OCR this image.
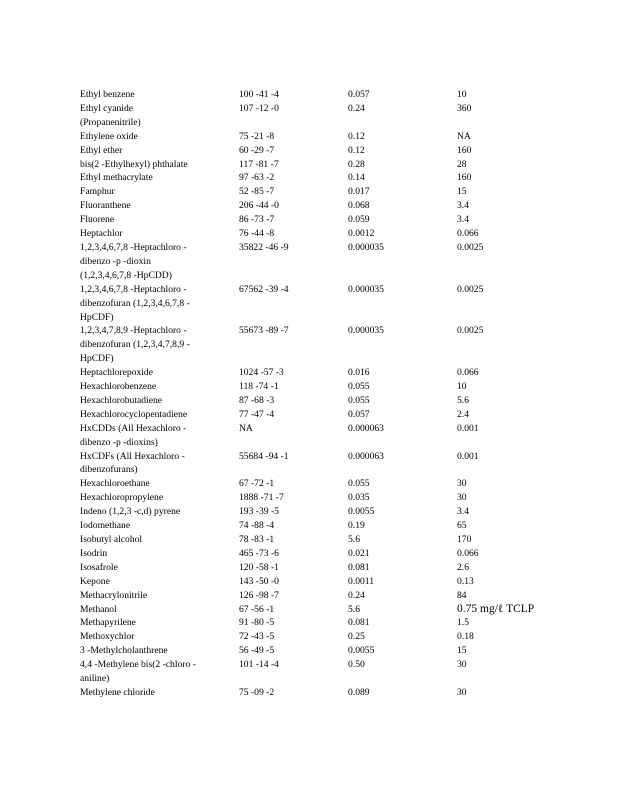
Ethyl benzene	100 -41 -4	0.057	10
Ethyl cyanide
(Propanenitrile)	107 -12 -0	0.24	360
Ethylene oxide	75 -21 -8	0.12	NA
Ethyl ether	60 -29 -7	0.12	160
bis(2 -Ethylhexyl) phthalate	117 -81 -7	0.28	28
Ethyl methacrylate	97 -63 -2	0.14	160
Famphur	52 -85 -7	0.017	15
Fluoranthene	206 -44 -0	0.068	3.4
Fluorene	86 -73 -7	0.059	3.4
Heptachlor	76 -44 -8	0.0012	0.066
1,2,3,4,6,7,8 -Heptachloro -
dibenzo -p -dioxin
(1,2,3,4,6,7,8 -HpCDD)	35822 -46 -9	0.000035	0.0025
1,2,3,4,6,7,8 -Heptachloro -
dibenzofuran (1,2,3,4,6,7,8 -
HpCDF)	67562 -39 -4	0.000035	0.0025
1,2,3,4,7,8,9 -Heptachloro -
dibenzofuran (1,2,3,4,7,8,9 -
HpCDF)	55673 -89 -7	0.000035	0.0025
Heptachlorepoxide	1024 -57 -3	0.016	0.066
Hexachlorobenzene	118 -74 -1	0.055	10
Hexachlorobutadiene	87 -68 -3	0.055	5.6
Hexachlorocyclopentadiene	77 -47 -4	0.057	2.4
HxCDDs (All Hexachloro -
dibenzo -p -dioxins)	NA	0.000063	0.001
HxCDFs (All Hexachloro -
dibenzofurans)	55684 -94 -1	0.000063	0.001
Hexachloroethane	67 -72 -1	0.055	30
Hexachloropropylene	1888 -71 -7	0.035	30
Indeno (1,2,3 -c,d) pyrene	193 -39 -5	0.0055	3.4
Iodomethane	74 -88 -4	0.19	65
Isobutyl alcohol	78 -83 -1	5.6	170
Isodrin	465 -73 -6	0.021	0.066
Isosafrole	120 -58 -1	0.081	2.6
Kepone	143 -50 -0	0.0011	0.13
Methacrylonitrile	126 -98 -7	0.24	84
Methanol	67 -56 -1	5.6	0.75 mg/ℓ TCLP
Methapyrilene	91 -80 -5	0.081	1.5
Methoxychlor	72 -43 -5	0.25	0.18
3 -Methylcholanthrene	56 -49 -5	0.0055	15
4,4 -Methylene bis(2 -chloro -
aniline)	101 -14 -4	0.50	30
Methylene chloride	75 -09 -2	0.089	30
